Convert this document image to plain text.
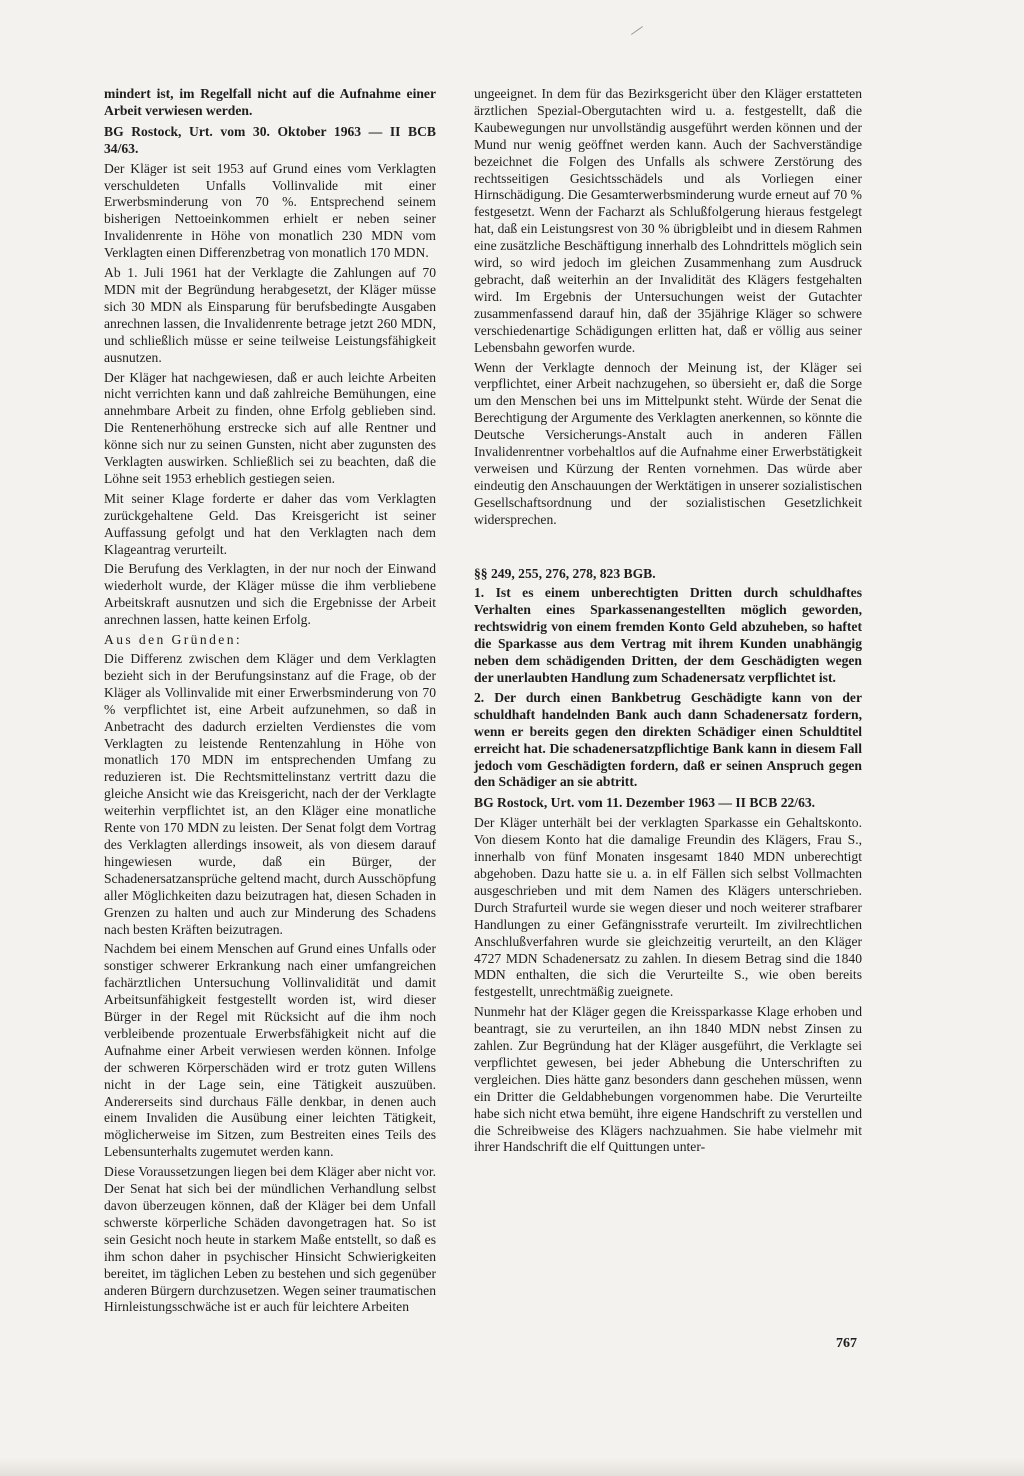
mindert ist, im Regelfall nicht auf die Aufnahme einer Arbeit verwiesen werden.

BG Rostock, Urt. vom 30. Oktober 1963 — II BCB 34/63.

Der Kläger ist seit 1953 auf Grund eines vom Verklagten verschuldeten Unfalls Vollinvalide mit einer Erwerbsminderung von 70 %. Entsprechend seinem bisherigen Nettoeinkommen erhielt er neben seiner Invalidenrente in Höhe von monatlich 230 MDN vom Verklagten einen Differenzbetrag von monatlich 170 MDN.

Ab 1. Juli 1961 hat der Verklagte die Zahlungen auf 70 MDN mit der Begründung herabgesetzt, der Kläger müsse sich 30 MDN als Einsparung für berufsbedingte Ausgaben anrechnen lassen, die Invalidenrente betrage jetzt 260 MDN, und schließlich müsse er seine teilweise Leistungsfähigkeit ausnutzen.

Der Kläger hat nachgewiesen, daß er auch leichte Arbeiten nicht verrichten kann und daß zahlreiche Bemühungen, eine annehmbare Arbeit zu finden, ohne Erfolg geblieben sind. Die Rentenerhöhung erstrecke sich auf alle Rentner und könne sich nur zu seinen Gunsten, nicht aber zugunsten des Verklagten auswirken. Schließlich sei zu beachten, daß die Löhne seit 1953 erheblich gestiegen seien.

Mit seiner Klage forderte er daher das vom Verklagten zurückgehaltene Geld. Das Kreisgericht ist seiner Auffassung gefolgt und hat den Verklagten nach dem Klageantrag verurteilt.

Die Berufung des Verklagten, in der nur noch der Einwand wiederholt wurde, der Kläger müsse die ihm verbliebene Arbeitskraft ausnutzen und sich die Ergebnisse der Arbeit anrechnen lassen, hatte keinen Erfolg.

Aus den Gründen:

Die Differenz zwischen dem Kläger und dem Verklagten bezieht sich in der Berufungsinstanz auf die Frage, ob der Kläger als Vollinvalide mit einer Erwerbsminderung von 70 % verpflichtet ist, eine Arbeit aufzunehmen, so daß in Anbetracht des dadurch erzielten Verdienstes die vom Verklagten zu leistende Rentenzahlung in Höhe von monatlich 170 MDN im entsprechenden Umfang zu reduzieren ist. Die Rechtsmittelinstanz vertritt dazu die gleiche Ansicht wie das Kreisgericht, nach der der Verklagte weiterhin verpflichtet ist, an den Kläger eine monatliche Rente von 170 MDN zu leisten. Der Senat folgt dem Vortrag des Verklagten allerdings insoweit, als von diesem darauf hingewiesen wurde, daß ein Bürger, der Schadenersatzansprüche geltend macht, durch Ausschöpfung aller Möglichkeiten dazu beizutragen hat, diesen Schaden in Grenzen zu halten und auch zur Minderung des Schadens nach besten Kräften beizutragen.

Nachdem bei einem Menschen auf Grund eines Unfalls oder sonstiger schwerer Erkrankung nach einer umfangreichen fachärztlichen Untersuchung Vollinvalidität und damit Arbeitsunfähigkeit festgestellt worden ist, wird dieser Bürger in der Regel mit Rücksicht auf die ihm noch verbleibende prozentuale Erwerbsfähigkeit nicht auf die Aufnahme einer Arbeit verwiesen werden können. Infolge der schweren Körperschäden wird er trotz guten Willens nicht in der Lage sein, eine Tätigkeit auszuüben. Andererseits sind durchaus Fälle denkbar, in denen auch einem Invaliden die Ausübung einer leichten Tätigkeit, möglicherweise im Sitzen, zum Bestreiten eines Teils des Lebensunterhalts zugemutet werden kann.

Diese Voraussetzungen liegen bei dem Kläger aber nicht vor. Der Senat hat sich bei der mündlichen Verhandlung selbst davon überzeugen können, daß der Kläger bei dem Unfall schwerste körperliche Schäden davongetragen hat. So ist sein Gesicht noch heute in starkem Maße entstellt, so daß es ihm schon daher in psychischer Hinsicht Schwierigkeiten bereitet, im täglichen Leben zu bestehen und sich gegenüber anderen Bürgern durchzusetzen. Wegen seiner traumatischen Hirnleistungsschwäche ist er auch für leichtere Arbeiten

ungeeignet. In dem für das Bezirksgericht über den Kläger erstatteten ärztlichen Spezial-Obergutachten wird u. a. festgestellt, daß die Kaubewegungen nur unvollständig ausgeführt werden können und der Mund nur wenig geöffnet werden kann. Auch der Sachverständige bezeichnet die Folgen des Unfalls als schwere Zerstörung des rechtsseitigen Gesichtsschädels und als Vorliegen einer Hirnschädigung. Die Gesamterwerbsminderung wurde erneut auf 70 % festgesetzt. Wenn der Facharzt als Schlußfolgerung hieraus festgelegt hat, daß ein Leistungsrest von 30 % übrigbleibt und in diesem Rahmen eine zusätzliche Beschäftigung innerhalb des Lohndrittels möglich sein wird, so wird jedoch im gleichen Zusammenhang zum Ausdruck gebracht, daß weiterhin an der Invalidität des Klägers festgehalten wird. Im Ergebnis der Untersuchungen weist der Gutachter zusammenfassend darauf hin, daß der 35jährige Kläger so schwere verschiedenartige Schädigungen erlitten hat, daß er völlig aus seiner Lebensbahn geworfen wurde.

Wenn der Verklagte dennoch der Meinung ist, der Kläger sei verpflichtet, einer Arbeit nachzugehen, so übersieht er, daß die Sorge um den Menschen bei uns im Mittelpunkt steht. Würde der Senat die Berechtigung der Argumente des Verklagten anerkennen, so könnte die Deutsche Versicherungs-Anstalt auch in anderen Fällen Invalidenrentner vorbehaltlos auf die Aufnahme einer Erwerbstätigkeit verweisen und Kürzung der Renten vornehmen. Das würde aber eindeutig den Anschauungen der Werktätigen in unserer sozialistischen Gesellschaftsordnung und der sozialistischen Gesetzlichkeit widersprechen.

§§ 249, 255, 276, 278, 823 BGB.

1. Ist es einem unberechtigten Dritten durch schuldhaftes Verhalten eines Sparkassenangestellten möglich geworden, rechtswidrig von einem fremden Konto Geld abzuheben, so haftet die Sparkasse aus dem Vertrag mit ihrem Kunden unabhängig neben dem schädigenden Dritten, der dem Geschädigten wegen der unerlaubten Handlung zum Schadenersatz verpflichtet ist.

2. Der durch einen Bankbetrug Geschädigte kann von der schuldhaft handelnden Bank auch dann Schadenersatz fordern, wenn er bereits gegen den direkten Schädiger einen Schuldtitel erreicht hat. Die schadenersatzpflichtige Bank kann in diesem Fall jedoch vom Geschädigten fordern, daß er seinen Anspruch gegen den Schädiger an sie abtritt.

BG Rostock, Urt. vom 11. Dezember 1963 — II BCB 22/63.

Der Kläger unterhält bei der verklagten Sparkasse ein Gehaltskonto. Von diesem Konto hat die damalige Freundin des Klägers, Frau S., innerhalb von fünf Monaten insgesamt 1840 MDN unberechtigt abgehoben. Dazu hatte sie u. a. in elf Fällen sich selbst Vollmachten ausgeschrieben und mit dem Namen des Klägers unterschrieben. Durch Strafurteil wurde sie wegen dieser und noch weiterer strafbarer Handlungen zu einer Gefängnisstrafe verurteilt. Im zivilrechtlichen Anschlußverfahren wurde sie gleichzeitig verurteilt, an den Kläger 4727 MDN Schadenersatz zu zahlen. In diesem Betrag sind die 1840 MDN enthalten, die sich die Verurteilte S., wie oben bereits festgestellt, unrechtmäßig zueignete.

Nunmehr hat der Kläger gegen die Kreissparkasse Klage erhoben und beantragt, sie zu verurteilen, an ihn 1840 MDN nebst Zinsen zu zahlen. Zur Begründung hat der Kläger ausgeführt, die Verklagte sei verpflichtet gewesen, bei jeder Abhebung die Unterschriften zu vergleichen. Dies hätte ganz besonders dann geschehen müssen, wenn ein Dritter die Geldabhebungen vorgenommen habe. Die Verurteilte habe sich nicht etwa bemüht, ihre eigene Handschrift zu verstellen und die Schreibweise des Klägers nachzuahmen. Sie habe vielmehr mit ihrer Handschrift die elf Quittungen unter-

767
